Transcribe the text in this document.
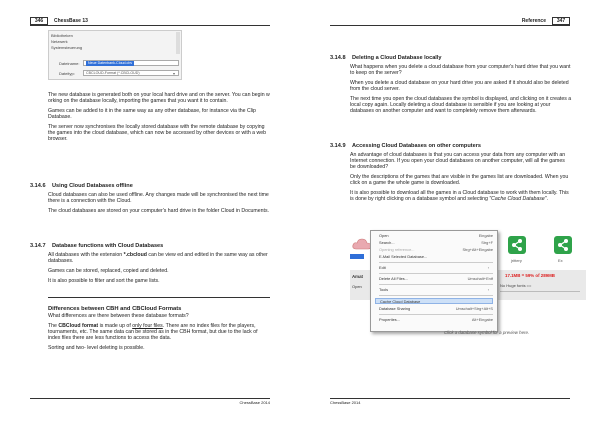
346	ChessBase 13
Bibliotheken
Netzwerk
Systemsteuerung
Dateiname:	Neue Datenbank-Cloud.cbv
Dateityp:	CBCLOUD-Format (*.CBCLOUD)	▾

The new database is generated both on your local hard drive and on the server. You can begin w orking on the database locally, importing the games that you want it to contain.

Games can be added to it in the same way as any other database, for instance via the Clip Database.

The server now synchronises the locally stored database with the remote database by copying the games into the cloud database, which can now be accessed by other devices or with a web browser.

3.14.6 Using Cloud Databases offline

Cloud databases can also be used offline. Any changes made will be synchronised the next time there is a connection with the Cloud.

The cloud databases are stored on your computer's hard drive in the folder Cloud in Documents.

3.14.7 Database functions with Cloud Databases

All databases with the extension *.cbcloud can be view ed and edited in the same way as other databases.

Games can be stored, replaced, copied and deleted.

It is also possible to filter and sort the game lists.

Differences between CBH and CBCloud Formats

What differences are there between these database formats?

The CBCloud format is made up of only four files. There are no index files for the players, tournaments, etc. The same data can be stored as in the CBH format, but due to the lack of index files there are less functions to access the data.

Sorting and two- level deleting is possible.

ChessBase 2014
Reference	347
3.14.8 Deleting a Cloud Database locally

What happens when you delete a cloud database from your computer's hard drive that you want to keep on the server?

When you delete a cloud database on your hard drive you are asked if it should also be deleted from the cloud server.

The next time you open the cloud databases the symbol is displayed, and clicking on it creates a local copy again. Locally deleting a cloud database is sensible if you are looking at your databases on another computer and want to completely remove them afterwards.

3.14.9 Accessing Cloud Databases on other computers

An advantage of cloud databases is that you can access your data from any computer with an Internet connection. If you open your cloud databases on another computer, will all the games be downloaded?

Only the descriptions of the games that are visible in the games list are downloaded. When you click on a game the whole game is downloaded.

It is also possible to download all the games in a Cloud database to work with them locally. This is done by right clicking on a database symbol and selecting "Cache Cloud Database".

ChessBase 2014
jrittery	Ex
Amat
Open
17.1MB = 59% of 289MB
No Huge fonts ==
Open	Eingabe
Search...	Strg+F
Opening reference...	Strg+Alt+Eingabe
E-Mail Selected Database...
Edit	›
Delete All Files...	Umschalt+Entf
Tools	›
Cache Cloud Database
Database Sharing	Umschalt+Strg+Alt+S
Properties...	Alt+Eingabe
Click a database symbol for a preview here.
